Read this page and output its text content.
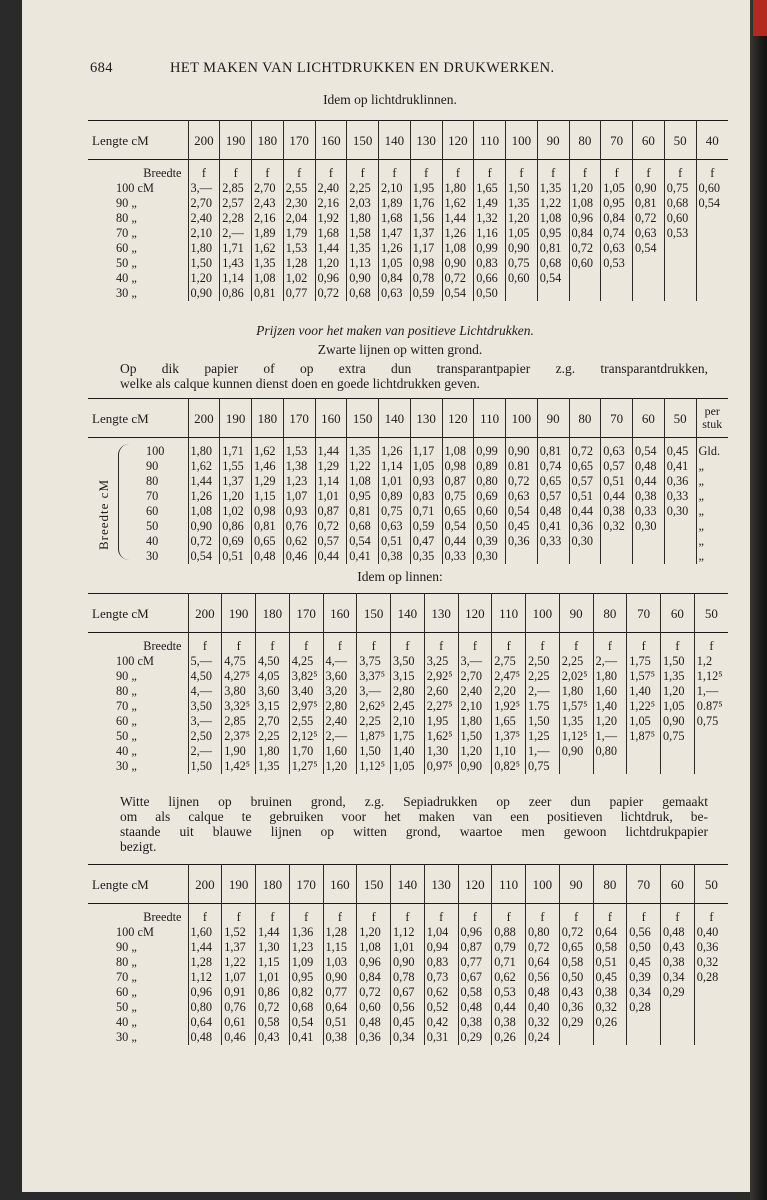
684	HET MAKEN VAN LICHTDRUKKEN EN DRUKWERKEN.
Idem op lichtdruklinnen.
Lengte cM	200	190	180	170	160	150	140	130	120	110	100	90	80	70	60	50	40

Breedte	f	f	f	f	f	f	f	f	f	f	f	f	f	f	f	f	f
100 cM	3,—	2,85	2,70	2,55	2,40	2,25	2,10	1,95	1,80	1,65	1,50	1,35	1,20	1,05	0,90	0,75	0,60
90 „	2,70	2,57	2,43	2,30	2,16	2,03	1,89	1,76	1,62	1,49	1,35	1,22	1,08	0,95	0,81	0,68	0,54
80 „	2,40	2,28	2,16	2,04	1,92	1,80	1,68	1,56	1,44	1,32	1,20	1,08	0,96	0,84	0,72	0,60	
70 „	2,10	2,—	1,89	1,79	1,68	1,58	1,47	1,37	1,26	1,16	1,05	0,95	0,84	0,74	0,63	0,53	
60 „	1,80	1,71	1,62	1,53	1,44	1,35	1,26	1,17	1,08	0,99	0,90	0,81	0,72	0,63	0,54		
50 „	1,50	1,43	1,35	1,28	1,20	1,13	1,05	0,98	0,90	0,83	0,75	0,68	0,60	0,53			
40 „	1,20	1,14	1,08	1,02	0,96	0,90	0,84	0,78	0,72	0,66	0,60	0,54					
30 „	0,90	0,86	0,81	0,77	0,72	0,68	0,63	0,59	0,54	0,50							
Prijzen voor het maken van positieve Lichtdrukken.
Zwarte lijnen op witten grond.
Op dik papier of op extra dun transparantpapier z.g. transparantdrukken,
welke als calque kunnen dienst doen en goede lichtdrukken geven.
Lengte cM	200	190	180	170	160	150	140	130	120	110	100	90	80	70	60	50	per stuk

100	1,80	1,71	1,62	1,53	1,44	1,35	1,26	1,17	1,08	0,99	0,90	0,81	0,72	0,63	0,54	0,45	Gld.
90	1,62	1,55	1,46	1,38	1,29	1,22	1,14	1,05	0,98	0,89	0.81	0,74	0,65	0,57	0,48	0,41	„
80	1,44	1,37	1,29	1,23	1,14	1,08	1,01	0,93	0,87	0,80	0,72	0,65	0,57	0,51	0,44	0,36	„
70	1,26	1,20	1,15	1,07	1,01	0,95	0,89	0,83	0,75	0,69	0,63	0,57	0,51	0,44	0,38	0,33	„
60	1,08	1,02	0,98	0,93	0,87	0,81	0,75	0,71	0,65	0,60	0,54	0,48	0,44	0,38	0,33	0,30	„
50	0,90	0,86	0,81	0,76	0,72	0,68	0,63	0,59	0,54	0,50	0,45	0,41	0,36	0,32	0,30		„
40	0,72	0,69	0,65	0,62	0,57	0,54	0,51	0,47	0,44	0,39	0,36	0,33	0,30				„
30	0,54	0,51	0,48	0,46	0,44	0,41	0,38	0,35	0,33	0,30							„
Idem op linnen:
Lengte cM	200	190	180	170	160	150	140	130	120	110	100	90	80	70	60	50

Breedte	f	f	f	f	f	f	f	f	f	f	f	f	f	f	f	f
100 cM	5,—	4,75	4,50	4,25	4,—	3,75	3,50	3,25	3,—	2,75	2,50	2,25	2,—	1,75	1,50	1,2
90 „	4,50	4,27⁵	4,05	3,82⁵	3,60	3,37⁵	3,15	2,92⁵	2,70	2,47⁵	2,25	2,02⁵	1,80	1,57⁵	1,35	1,12⁵
80 „	4,—	3,80	3,60	3,40	3,20	3,—	2,80	2,60	2,40	2,20	2,—	1,80	1,60	1,40	1,20	1,—
70 „	3,50	3,32⁵	3,15	2,97⁵	2,80	2,62⁵	2,45	2,27⁵	2,10	1,92⁵	1.75	1,57⁵	1,40	1,22⁵	1,05	0.87⁵
60 „	3,—	2,85	2,70	2,55	2,40	2,25	2,10	1,95	1,80	1,65	1,50	1,35	1,20	1,05	0,90	0,75
50 „	2,50	2,37⁵	2,25	2,12⁵	2,—	1,87⁵	1,75	1,62⁵	1,50	1,37⁵	1,25	1,12⁵	1,—	1,87⁵	0,75	
40 „	2,—	1,90	1,80	1,70	1,60	1,50	1,40	1,30	1,20	1,10	1,—	0,90	0,80			
30 „	1,50	1,42⁵	1,35	1,27⁵	1,20	1,12⁵	1,05	0,97⁵	0,90	0,82⁵	0,75					
Witte lijnen op bruinen grond, z.g. Sepiadrukken op zeer dun papier gemaakt
om als calque te gebruiken voor het maken van een positieven lichtdruk, be-
staande uit blauwe lijnen op witten grond, waartoe men gewoon lichtdrukpapier
bezigt.
Lengte cM	200	190	180	170	160	150	140	130	120	110	100	90	80	70	60	50

Breedte	f	f	f	f	f	f	f	f	f	f	f	f	f	f	f	f
100 cM	1,60	1,52	1,44	1,36	1,28	1,20	1,12	1,04	0,96	0,88	0,80	0,72	0,64	0,56	0,48	0,40
90 „	1,44	1,37	1,30	1,23	1,15	1,08	1,01	0,94	0,87	0,79	0,72	0,65	0,58	0,50	0,43	0,36
80 „	1,28	1,22	1,15	1,09	1,03	0,96	0,90	0,83	0,77	0,71	0,64	0,58	0,51	0,45	0,38	0,32
70 „	1,12	1,07	1,01	0,95	0,90	0,84	0,78	0,73	0,67	0,62	0,56	0,50	0,45	0,39	0,34	0,28
60 „	0,96	0,91	0,86	0,82	0,77	0,72	0,67	0,62	0,58	0,53	0,48	0,43	0,38	0,34	0,29	
50 „	0,80	0,76	0,72	0,68	0,64	0,60	0,56	0,52	0,48	0,44	0,40	0,36	0,32	0,28		
40 „	0,64	0,61	0,58	0,54	0,51	0,48	0,45	0,42	0,38	0,38	0,32	0,29	0,26			
30 „	0,48	0,46	0,43	0,41	0,38	0,36	0,34	0,31	0,29	0,26	0,24					
Breedte cM
